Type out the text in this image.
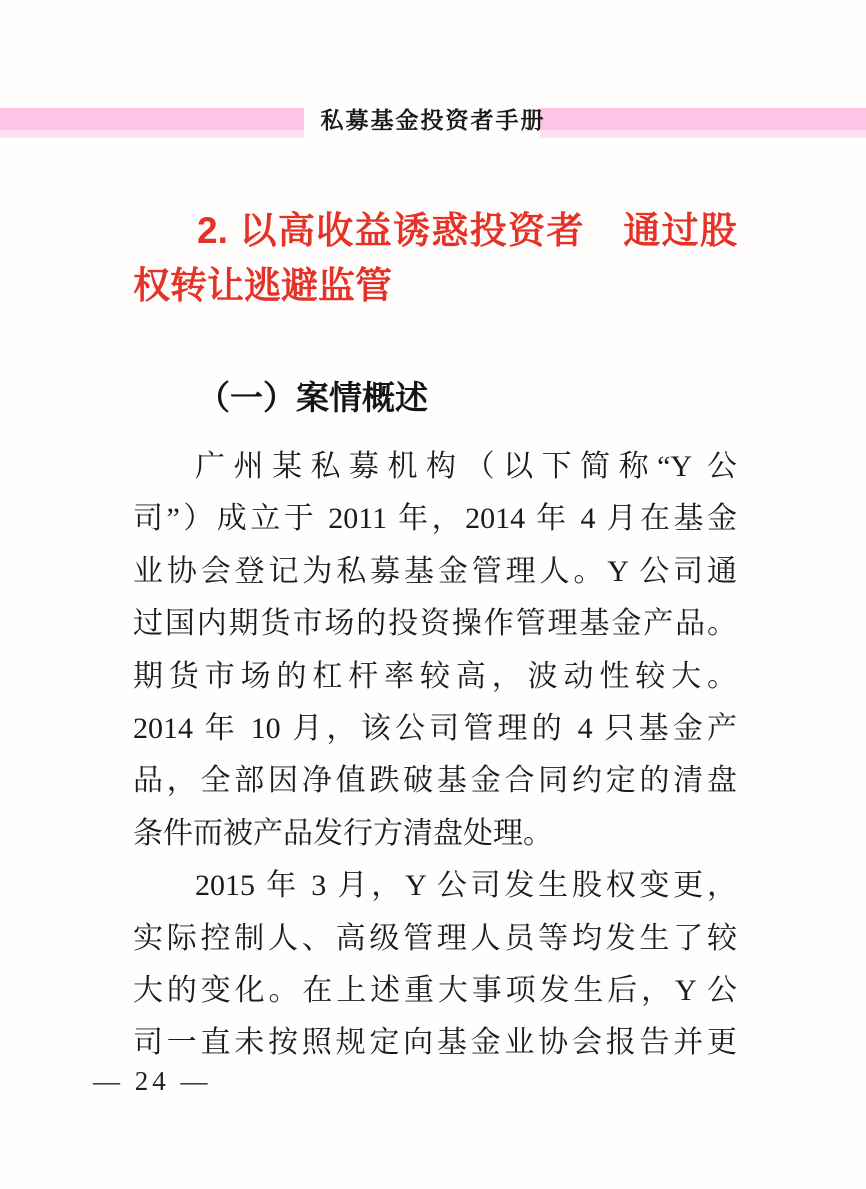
私募基金投资者手册
2. 以高收益诱惑投资者　通过股
权转让逃避监管
（一）案情概述
广州某私募机构（以下简称“Y 公
司”）成立于 2011 年，2014 年 4 月在基金
业协会登记为私募基金管理人。Y 公司通
过国内期货市场的投资操作管理基金产品。
期货市场的杠杆率较高，波动性较大。
2014 年 10 月，该公司管理的 4 只基金产
品，全部因净值跌破基金合同约定的清盘
条件而被产品发行方清盘处理。
2015 年 3 月，Y 公司发生股权变更，
实际控制人、高级管理人员等均发生了较
大的变化。在上述重大事项发生后，Y 公
司一直未按照规定向基金业协会报告并更
— 24 —
